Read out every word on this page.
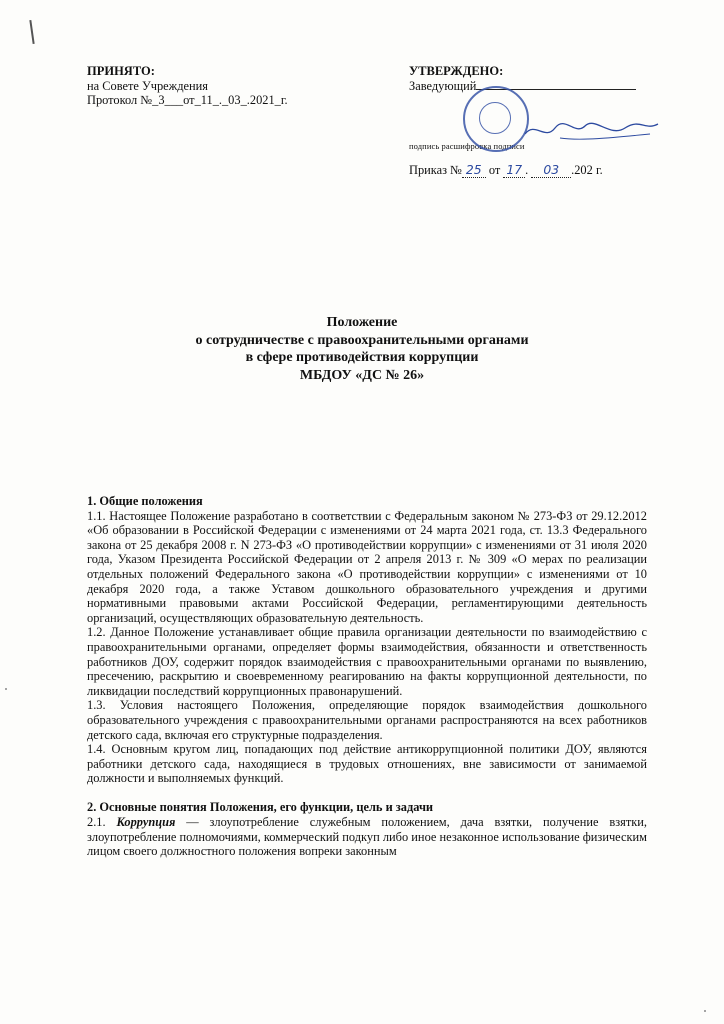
ПРИНЯТО:
на Совете Учреждения
Протокол №_3___от_11_._03_.2021_г.
УТВЕРЖДЕНО:
Заведующий
подпись расшифровка подписи
Приказ № 25 от 17 . 03 .202 г.
Положение
о сотрудничестве с правоохранительными органами
в сфере противодействия коррупции
МБДОУ «ДС № 26»

1. Общие положения

1.1. Настоящее Положение разработано в соответствии с Федеральным законом № 273-ФЗ от 29.12.2012 «Об образовании в Российской Федерации с изменениями от 24 марта 2021 года, ст. 13.3 Федерального закона от 25 декабря 2008 г. N 273-ФЗ «О противодействии коррупции» с изменениями от 31 июля 2020 года, Указом Президента Российской Федерации от 2 апреля 2013 г. № 309 «О мерах по реализации отдельных положений Федерального закона «О противодействии коррупции» с изменениями от 10 декабря 2020 года, а также Уставом дошкольного образовательного учреждения и другими нормативными правовыми актами Российской Федерации, регламентирующими деятельность организаций, осуществляющих образовательную деятельность.

1.2. Данное Положение устанавливает общие правила организации деятельности по взаимодействию с правоохранительными органами, определяет формы взаимодействия, обязанности и ответственность работников ДОУ, содержит порядок взаимодействия с правоохранительными органами по выявлению, пресечению, раскрытию и своевременному реагированию на факты коррупционной деятельности, по ликвидации последствий коррупционных правонарушений.

1.3. Условия настоящего Положения, определяющие порядок взаимодействия дошкольного образовательного учреждения с правоохранительными органами распространяются на всех работников детского сада, включая его структурные подразделения.

1.4. Основным кругом лиц, попадающих под действие антикоррупционной политики ДОУ, являются работники детского сада, находящиеся в трудовых отношениях, вне зависимости от занимаемой должности и выполняемых функций.

2. Основные понятия Положения, его функции, цель и задачи

2.1. Коррупция — злоупотребление служебным положением, дача взятки, получение взятки, злоупотребление полномочиями, коммерческий подкуп либо иное незаконное использование физическим лицом своего должностного положения вопреки законным
